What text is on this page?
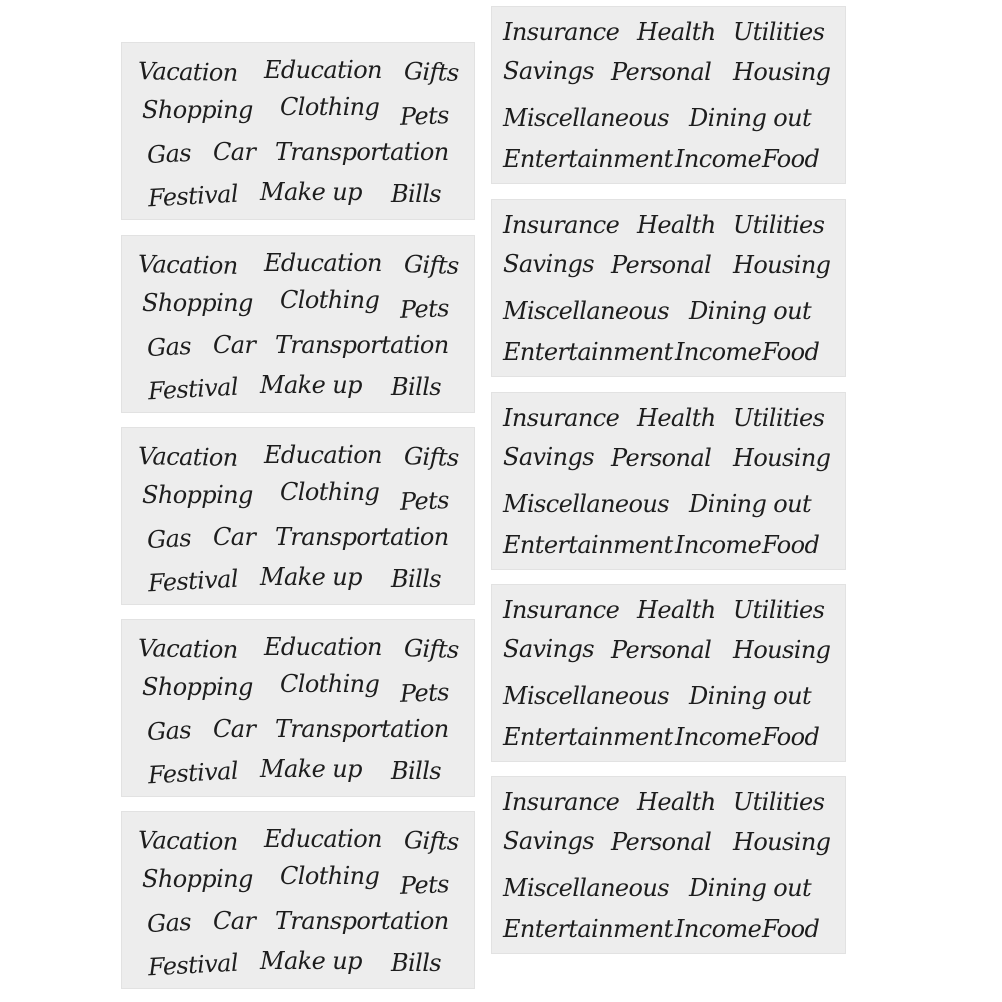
Vacation Education Gifts
Shopping Clothing Pets
Gas Car Transportation
Festival Make up Bills
Vacation Education Gifts
Shopping Clothing Pets
Gas Car Transportation
Festival Make up Bills
Vacation Education Gifts
Shopping Clothing Pets
Gas Car Transportation
Festival Make up Bills
Vacation Education Gifts
Shopping Clothing Pets
Gas Car Transportation
Festival Make up Bills
Vacation Education Gifts
Shopping Clothing Pets
Gas Car Transportation
Festival Make up Bills
Insurance Health Utilities
Savings Personal Housing
Miscellaneous Dining out
Entertainment Income Food
Insurance Health Utilities
Savings Personal Housing
Miscellaneous Dining out
Entertainment Income Food
Insurance Health Utilities
Savings Personal Housing
Miscellaneous Dining out
Entertainment Income Food
Insurance Health Utilities
Savings Personal Housing
Miscellaneous Dining out
Entertainment Income Food
Insurance Health Utilities
Savings Personal Housing
Miscellaneous Dining out
Entertainment Income Food
